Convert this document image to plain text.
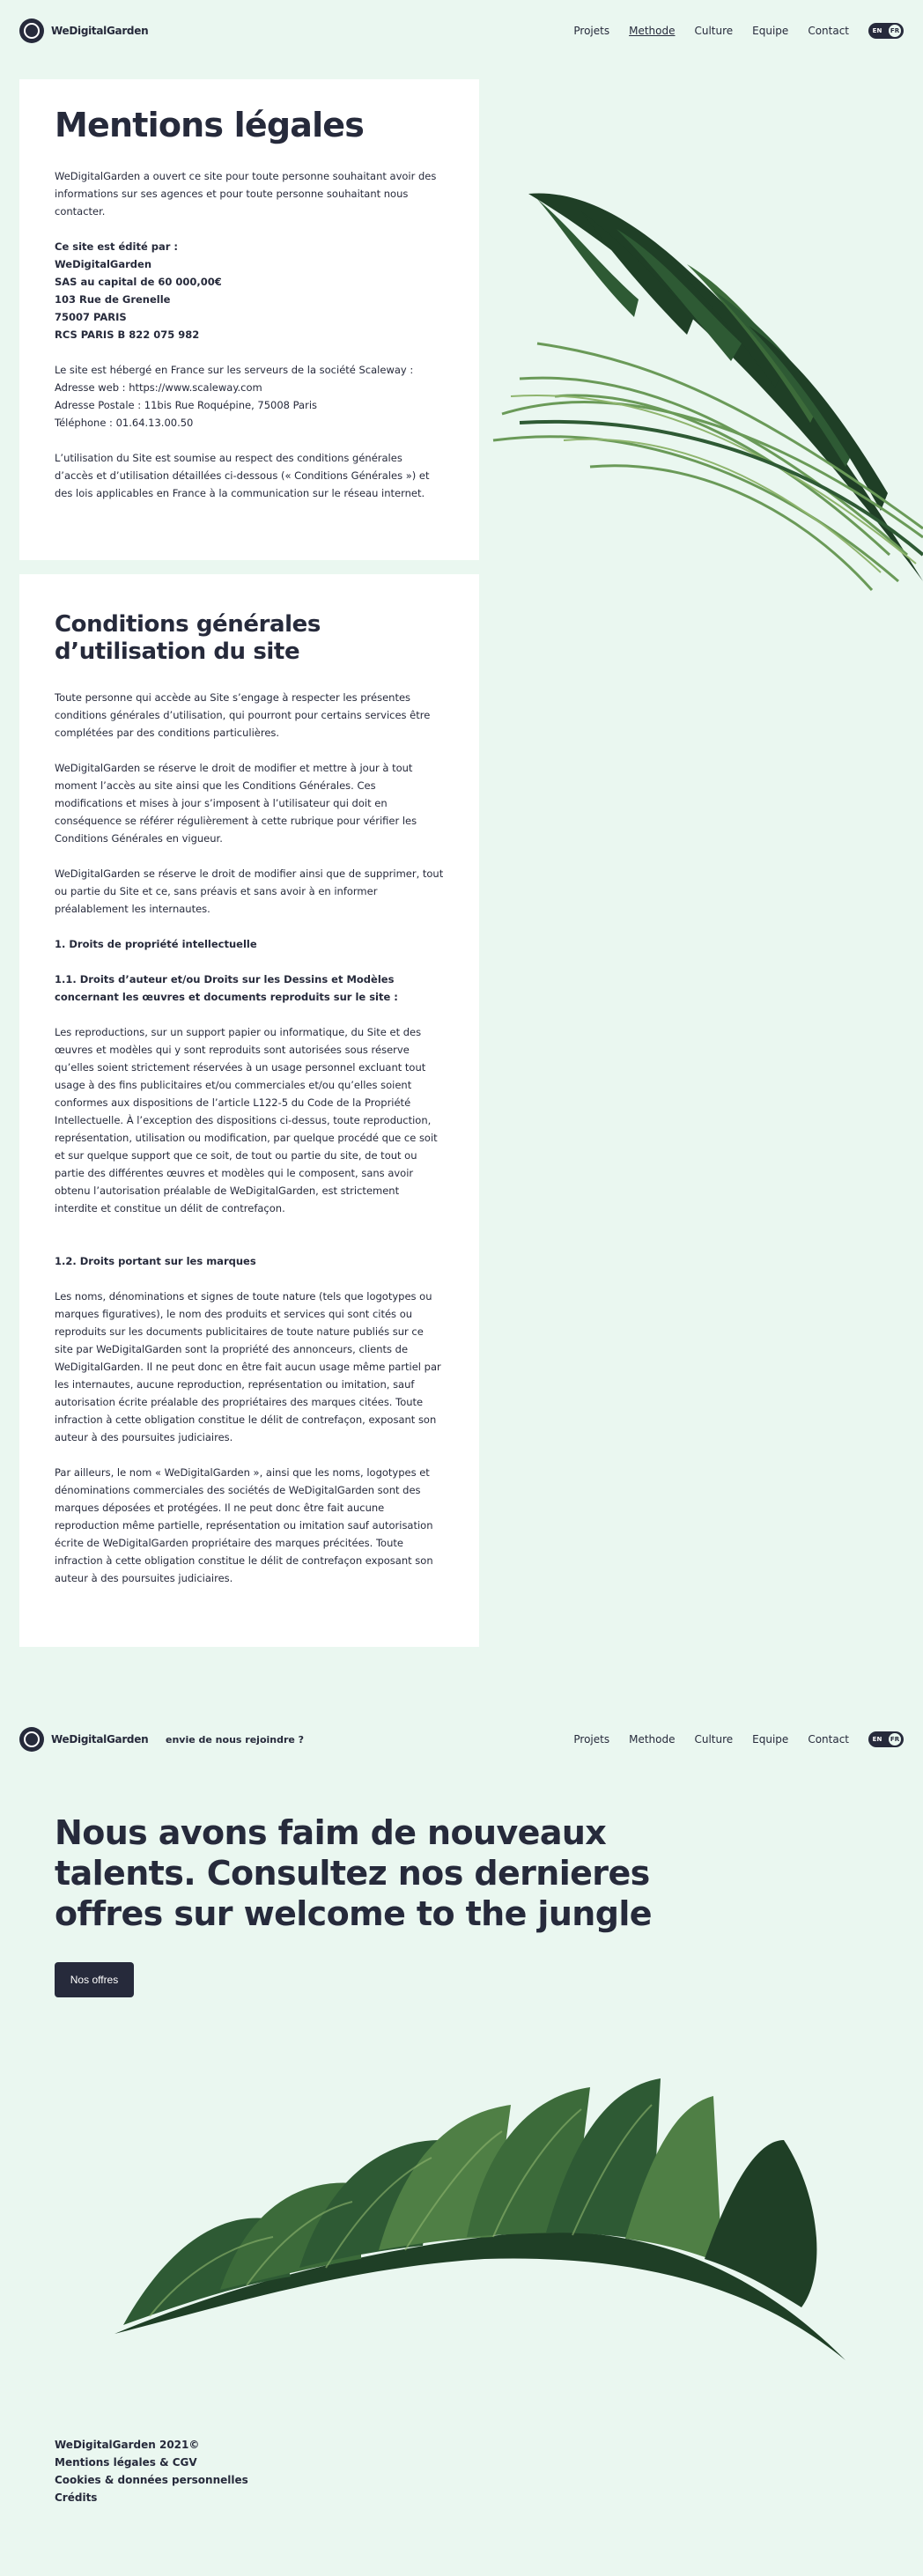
WeDigitalGarden	Projets Methode Culture Equipe Contact	EN FR
Mentions légales

WeDigitalGarden a ouvert ce site pour toute personne souhaitant avoir des informations sur ses agences et pour toute personne souhaitant nous contacter.

Ce site est édité par :

WeDigitalGarden

SAS au capital de 60 000,00€

103 Rue de Grenelle

75007 PARIS

RCS PARIS B 822 075 982

Le site est hébergé en France sur les serveurs de la société Scaleway :

Adresse web : https://www.scaleway.com

Adresse Postale : 11bis Rue Roquépine, 75008 Paris

Téléphone : 01.64.13.00.50

L’utilisation du Site est soumise au respect des conditions générales d’accès et d’utilisation détaillées ci-dessous (« Conditions Générales ») et des lois applicables en France à la communication sur le réseau internet.

Conditions générales d’utilisation du site

Toute personne qui accède au Site s’engage à respecter les présentes conditions générales d’utilisation, qui pourront pour certains services être complétées par des conditions particulières.

WeDigitalGarden se réserve le droit de modifier et mettre à jour à tout moment l’accès au site ainsi que les Conditions Générales. Ces modifications et mises à jour s’imposent à l’utilisateur qui doit en conséquence se référer régulièrement à cette rubrique pour vérifier les Conditions Générales en vigueur.

WeDigitalGarden se réserve le droit de modifier ainsi que de supprimer, tout ou partie du Site et ce, sans préavis et sans avoir à en informer préalablement les internautes.

1. Droits de propriété intellectuelle

1.1. Droits d’auteur et/ou Droits sur les Dessins et Modèles concernant les œuvres et documents reproduits sur le site :

Les reproductions, sur un support papier ou informatique, du Site et des œuvres et modèles qui y sont reproduits sont autorisées sous réserve qu’elles soient strictement réservées à un usage personnel excluant tout usage à des fins publicitaires et/ou commerciales et/ou qu’elles soient conformes aux dispositions de l’article L122-5 du Code de la Propriété Intellectuelle. À l’exception des dispositions ci-dessus, toute reproduction, représentation, utilisation ou modification, par quelque procédé que ce soit et sur quelque support que ce soit, de tout ou partie du site, de tout ou partie des différentes œuvres et modèles qui le composent, sans avoir obtenu l’autorisation préalable de WeDigitalGarden, est strictement interdite et constitue un délit de contrefaçon.

1.2. Droits portant sur les marques

Les noms, dénominations et signes de toute nature (tels que logotypes ou marques figuratives), le nom des produits et services qui sont cités ou reproduits sur les documents publicitaires de toute nature publiés sur ce site par WeDigitalGarden sont la propriété des annonceurs, clients de WeDigitalGarden. Il ne peut donc en être fait aucun usage même partiel par les internautes, aucune reproduction, représentation ou imitation, sauf autorisation écrite préalable des propriétaires des marques citées. Toute infraction à cette obligation constitue le délit de contrefaçon, exposant son auteur à des poursuites judiciaires.

Par ailleurs, le nom « WeDigitalGarden », ainsi que les noms, logotypes et dénominations commerciales des sociétés de WeDigitalGarden sont des marques déposées et protégées. Il ne peut donc être fait aucune reproduction même partielle, représentation ou imitation sauf autorisation écrite de WeDigitalGarden propriétaire des marques précitées. Toute infraction à cette obligation constitue le délit de contrefaçon exposant son auteur à des poursuites judiciaires.

WeDigitalGarden envie de nous rejoindre ?	Projets Methode Culture Equipe Contact	EN FR
Nous avons faim de nouveaux talents. Consultez nos dernieres offres sur welcome to the jungle
Nos offres
WeDigitalGarden 2021©
Mentions légales & CGV
Cookies & données personnelles
Crédits
